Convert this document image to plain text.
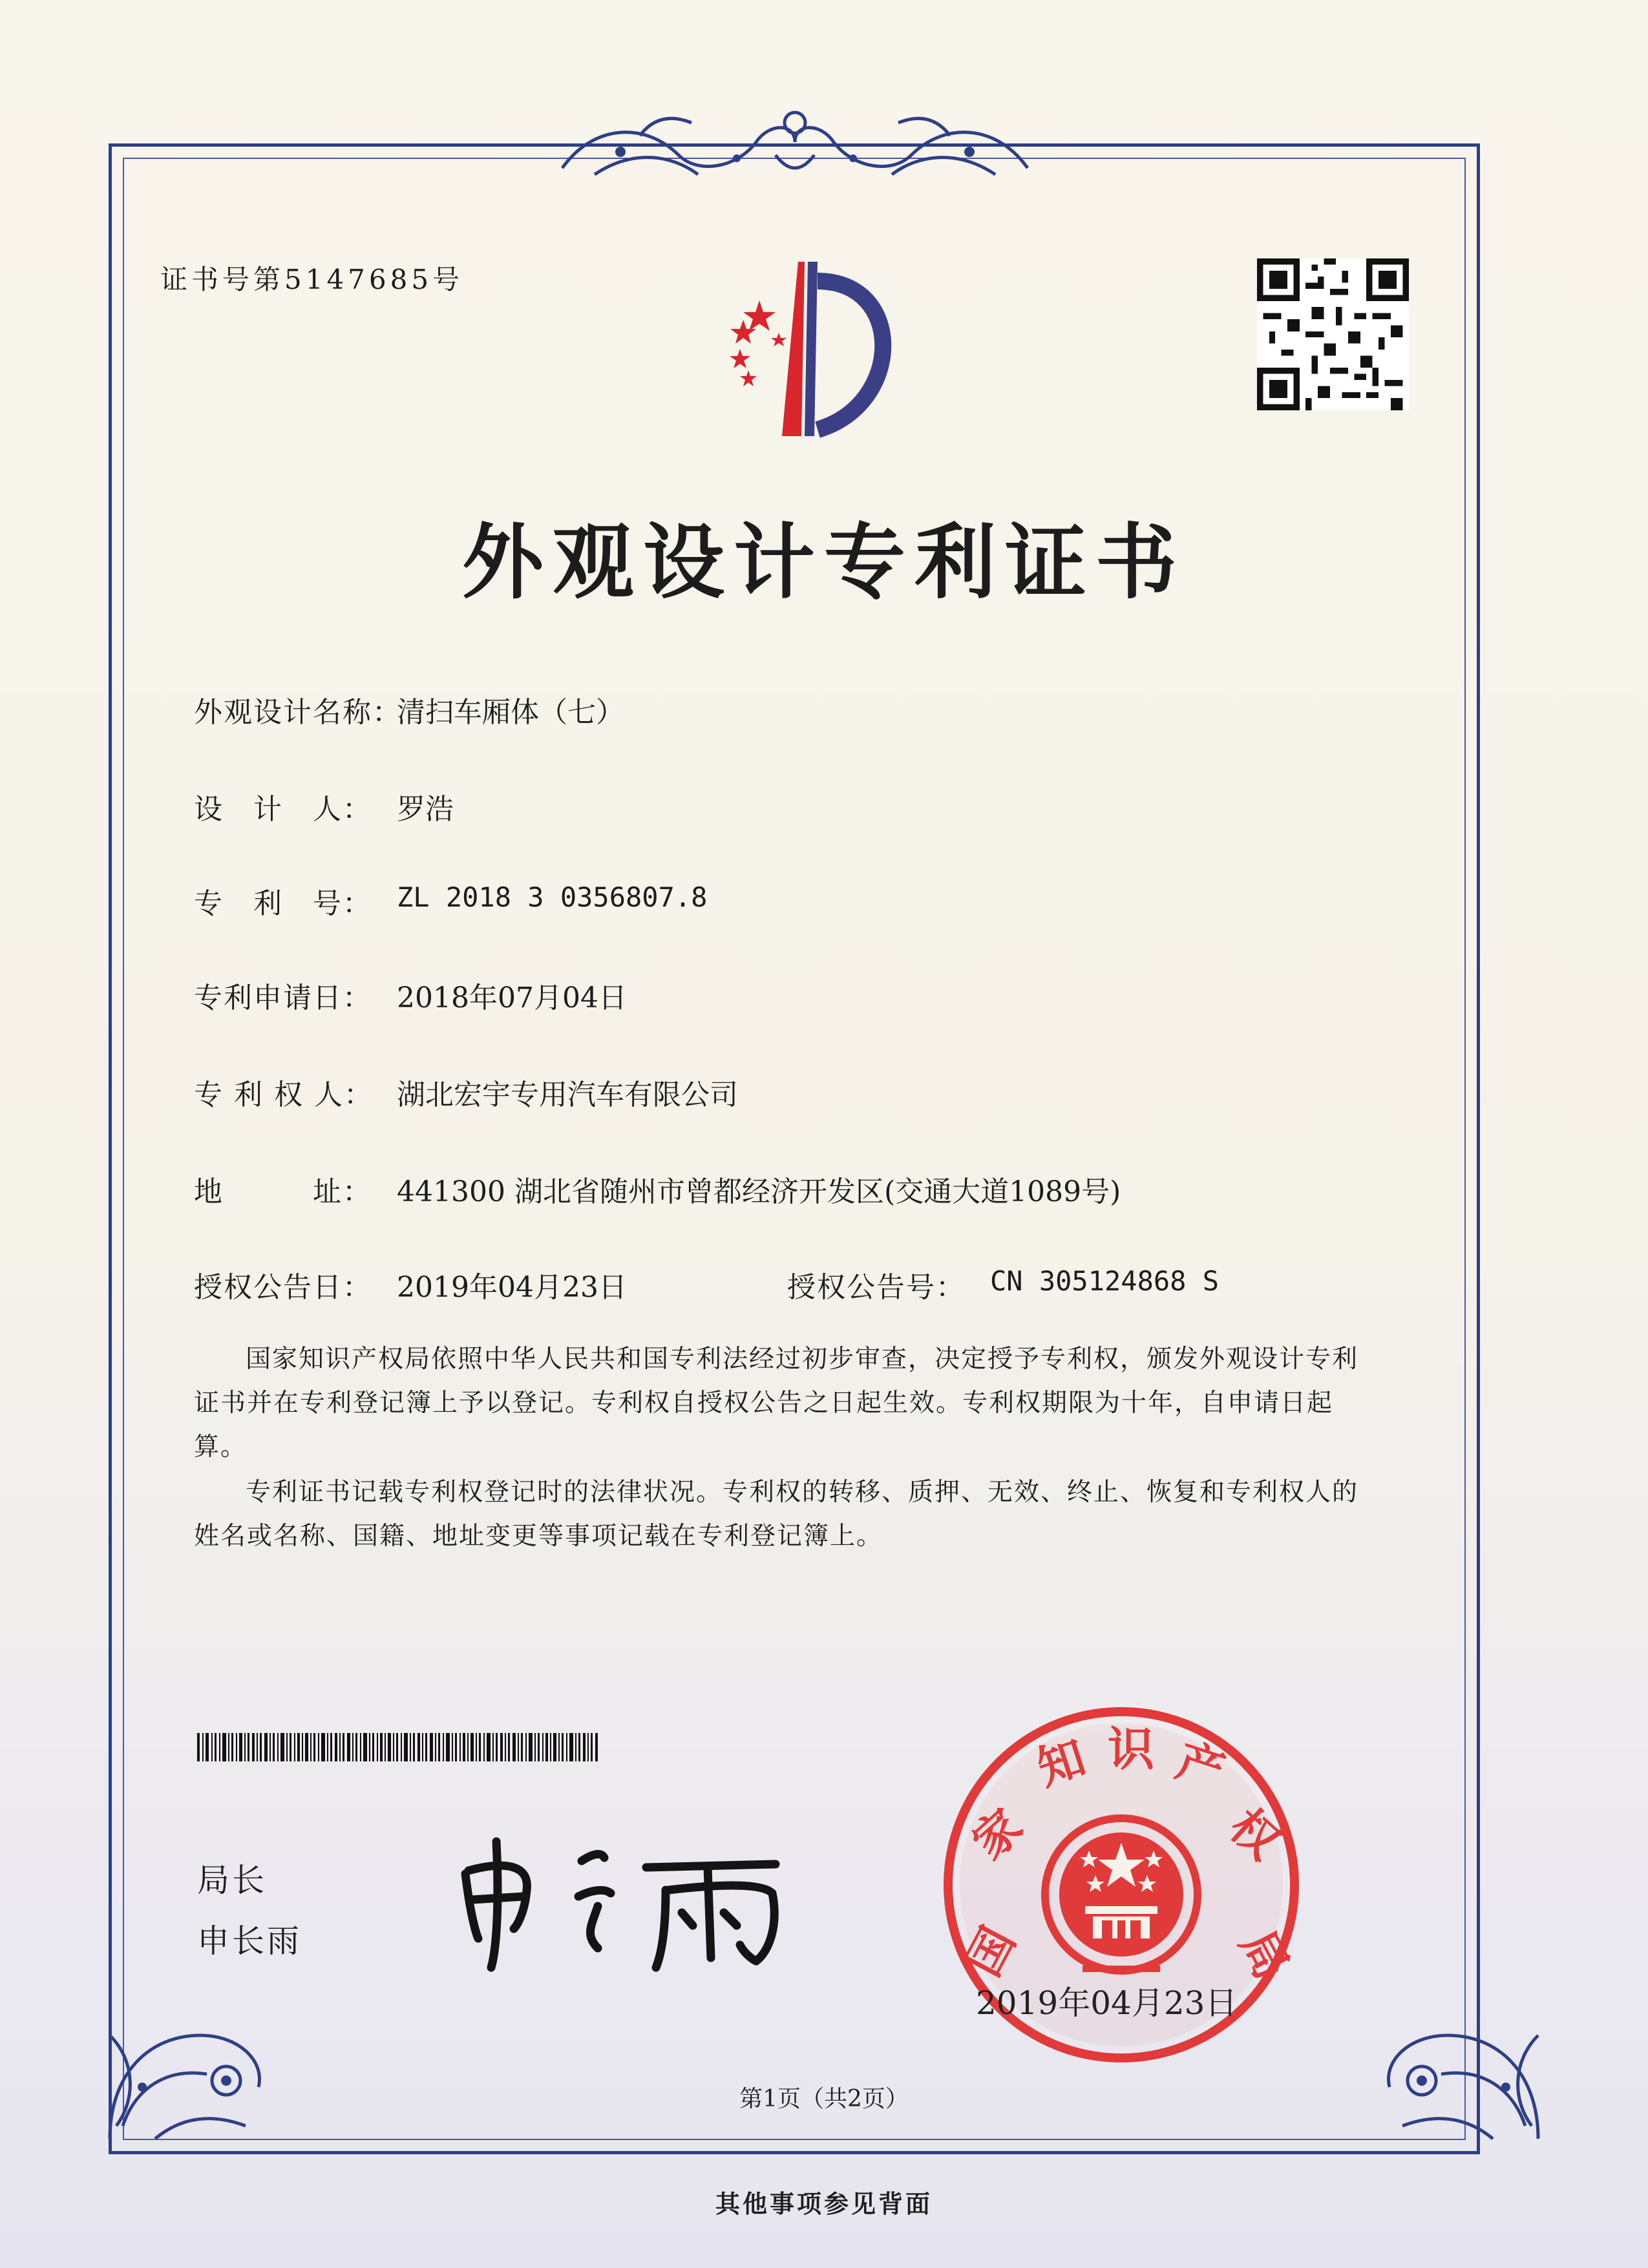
证书号第5147685号
外观设计专利证书
外观设计名称：
清扫车厢体（七）
设　计　人： 罗浩
专　利　号： ZL 2018 3 0356807.8
专利申请日： 2018年07月04日
专 利 权 人： 湖北宏宇专用汽车有限公司
地　　　址： 441300 湖北省随州市曾都经济开发区(交通大道1089号)
授权公告日： 2019年04月23日	授权公告号： CN 305124868 S
国家知识产权局依照中华人民共和国专利法经过初步审查，决定授予专利权，颁发外观设计专利证书并在专利登记簿上予以登记。专利权自授权公告之日起生效。专利权期限为十年，自申请日起算。
专利证书记载专利权登记时的法律状况。专利权的转移、质押、无效、终止、恢复和专利权人的姓名或名称、国籍、地址变更等事项记载在专利登记簿上。
局长
申长雨	国
家
知 识 产
权
局
2019年04月23日
第1页（共2页）
其他事项参见背面
